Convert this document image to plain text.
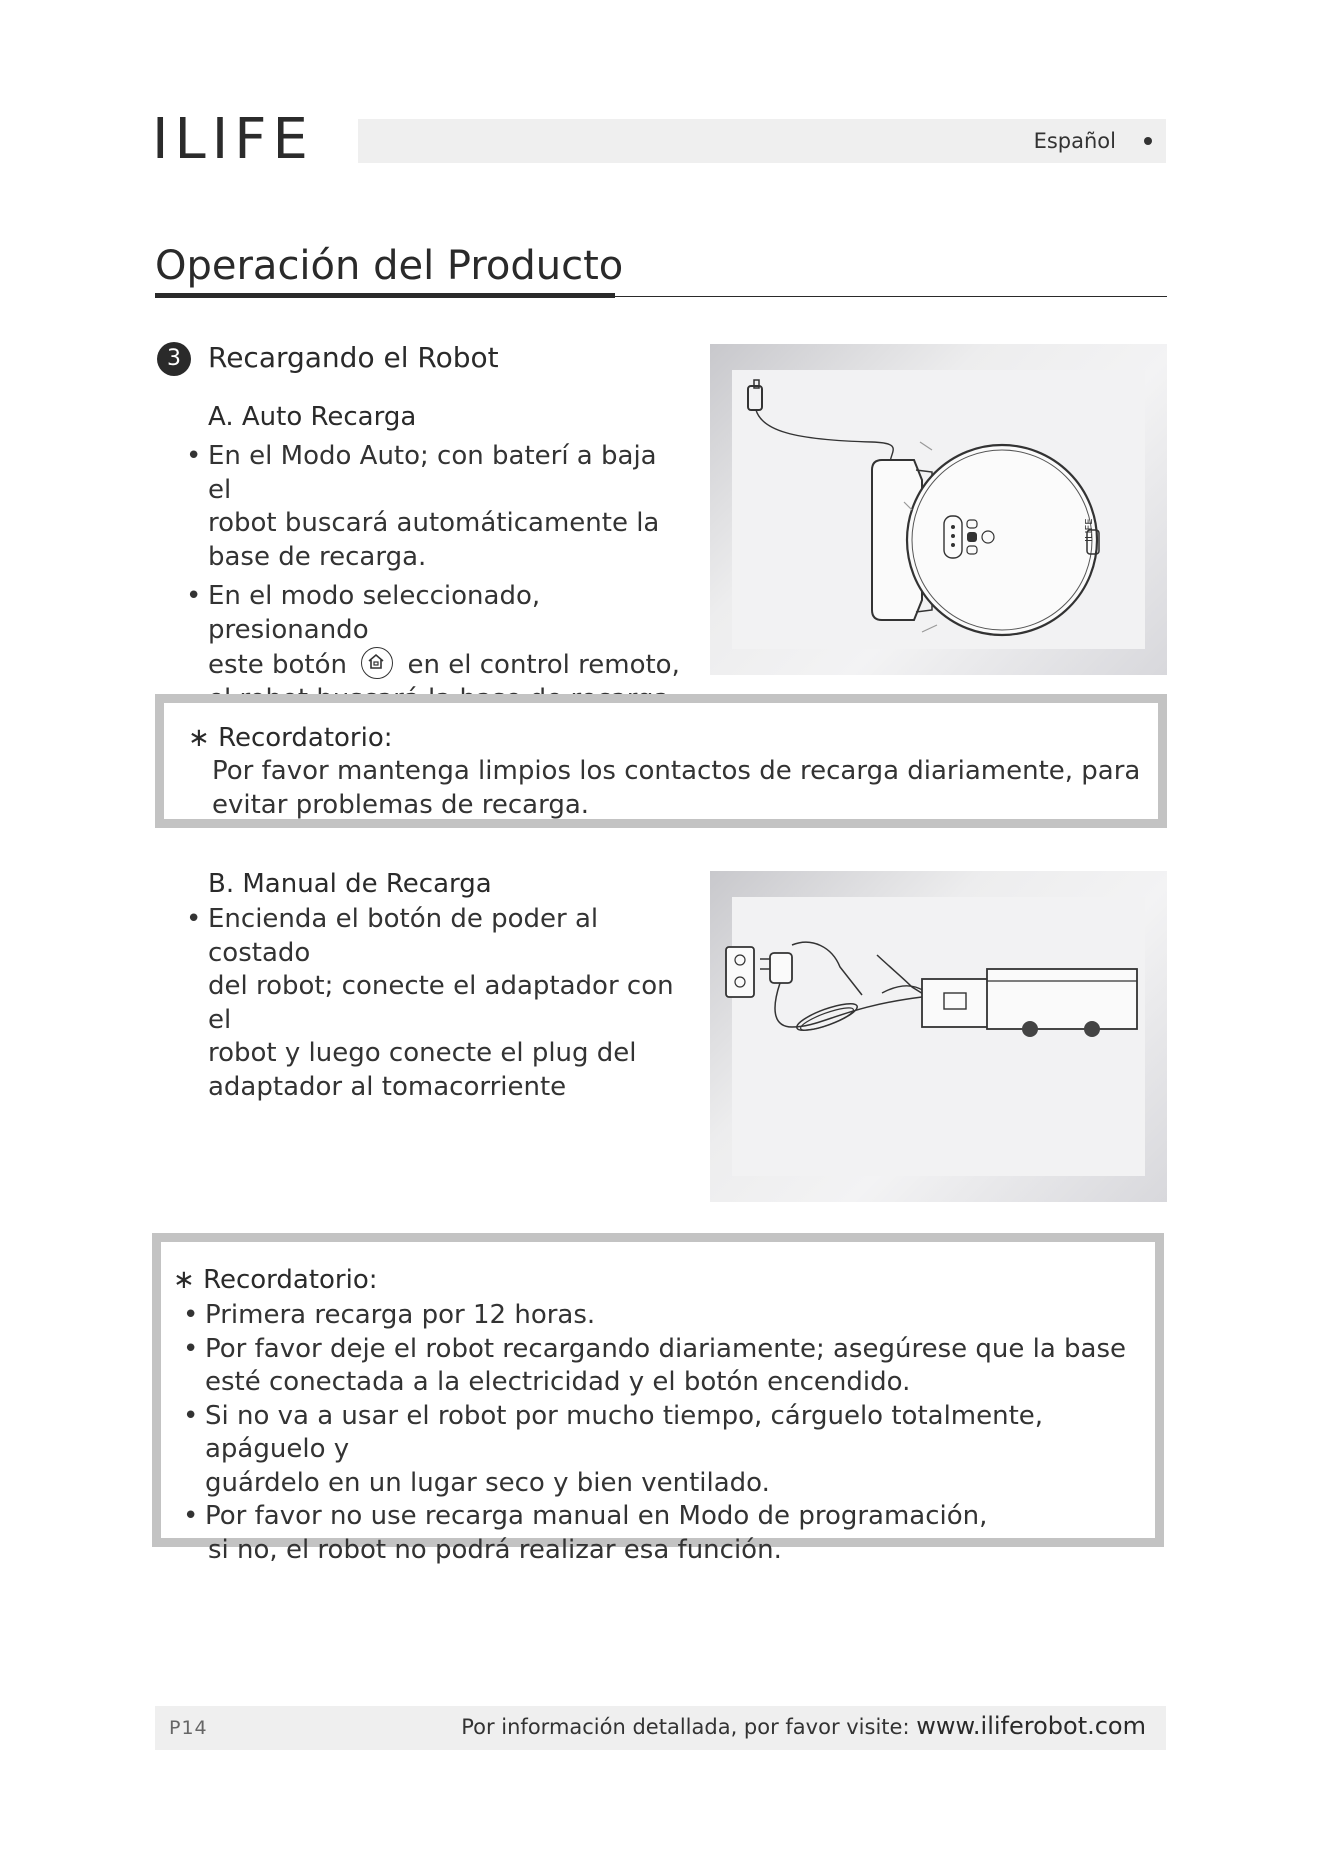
ILIFE	Español
Operación del Producto
3 Recargando el Robot
A. Auto Recarga
• En el Modo Auto; con baterí a baja el
robot buscará automáticamente la
base de recarga.
• En el modo seleccionado, presionando
este botón en el control remoto,
ILIFE
∗ Recordatorio:
Por favor mantenga limpios los contactos de recarga diariamente, para
evitar problemas de recarga.
B. Manual de Recarga
• Encienda el botón de poder al costado
del robot; conecte el adaptador con el
robot y luego conecte el plug del
adaptador al tomacorriente
∗ Recordatorio:
• Primera recarga por 12 horas.
• Por favor deje el robot recargando diariamente; asegúrese que la base
esté conectada a la electricidad y el botón encendido.
• Si no va a usar el robot por mucho tiempo, cárguelo totalmente, apáguelo y
guárdelo en un lugar seco y bien ventilado.
• Por favor no use recarga manual en Modo de programación,
si no, el robot no podrá realizar esa función.
P14	Por información detallada, por favor visite: www.iliferobot.com
